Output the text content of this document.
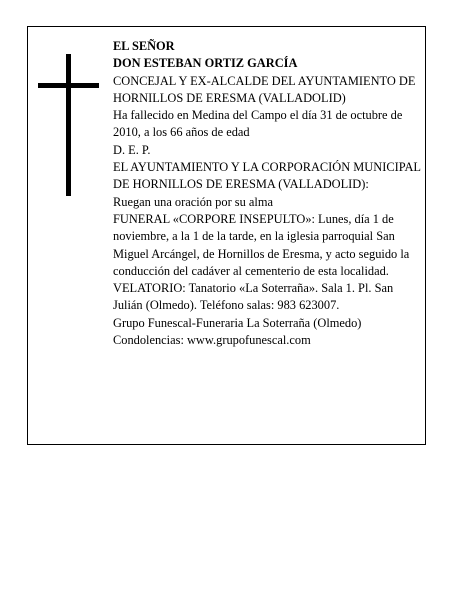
EL SEÑOR

DON ESTEBAN ORTIZ GARCÍA

CONCEJAL Y EX-ALCALDE DEL AYUNTAMIENTO DE HORNILLOS DE ERESMA (VALLADOLID)

Ha fallecido en Medina del Campo el día 31 de octubre de 2010, a los 66 años de edad

D. E. P.

EL AYUNTAMIENTO Y LA CORPORACIÓN MUNICIPAL DE HORNILLOS DE ERESMA (VALLADOLID):

Ruegan una oración por su alma

FUNERAL «CORPORE INSEPULTO»: Lunes, día 1 de noviembre, a la 1 de la tarde, en la iglesia parroquial San Miguel Arcángel, de Hornillos de Eresma, y acto seguido la conducción del cadáver al cementerio de esta localidad.

VELATORIO: Tanatorio «La Soterraña». Sala 1. Pl. San Julián (Olmedo). Teléfono salas: 983 623007.

Grupo Funescal-Funeraria La Soterraña (Olmedo)

Condolencias: www.grupofunescal.com
